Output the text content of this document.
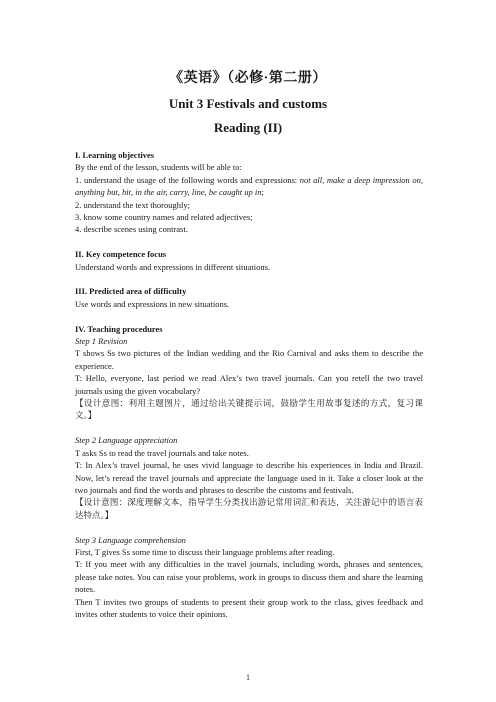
《英语》（必修·第二册）
Unit 3 Festivals and customs
Reading (II)

I. Learning objectives

By the end of the lesson, students will be able to:

1. understand the usage of the following words and expressions: not all, make a deep impression on, anything but, hit, in the air, carry, line, be caught up in;

2. understand the text thoroughly;

3. know some country names and related adjectives;

4. describe scenes using contrast.

II. Key competence focus

Understand words and expressions in different situations.

III. Predicted area of difficulty

Use words and expressions in new situations.

IV. Teaching procedures

Step 1 Revision

T shows Ss two pictures of the Indian wedding and the Rio Carnival and asks them to describe the experience.

T: Hello, everyone, last period we read Alex’s two travel journals. Can you retell the two travel journals using the given vocabulary?

【设计意图：利用主题图片，通过给出关键提示词，鼓励学生用故事复述的方式，复习课文。】

Step 2 Language appreciation

T asks Ss to read the travel journals and take notes.

T: In Alex’s travel journal, he uses vivid language to describe his experiences in India and Brazil. Now, let’s reread the travel journals and appreciate the language used in it. Take a closer look at the two journals and find the words and phrases to describe the customs and festivals.

【设计意图：深度理解文本，指导学生分类找出游记常用词汇和表达，关注游记中的语言表达特点。】

Step 3 Language comprehension

First, T gives Ss some time to discuss their language problems after reading.

T: If you meet with any difficulties in the travel journals, including words, phrases and sentences, please take notes. You can raise your problems, work in groups to discuss them and share the learning notes.

Then T invites two groups of students to present their group work to the class, gives feedback and invites other students to voice their opinions.

1
